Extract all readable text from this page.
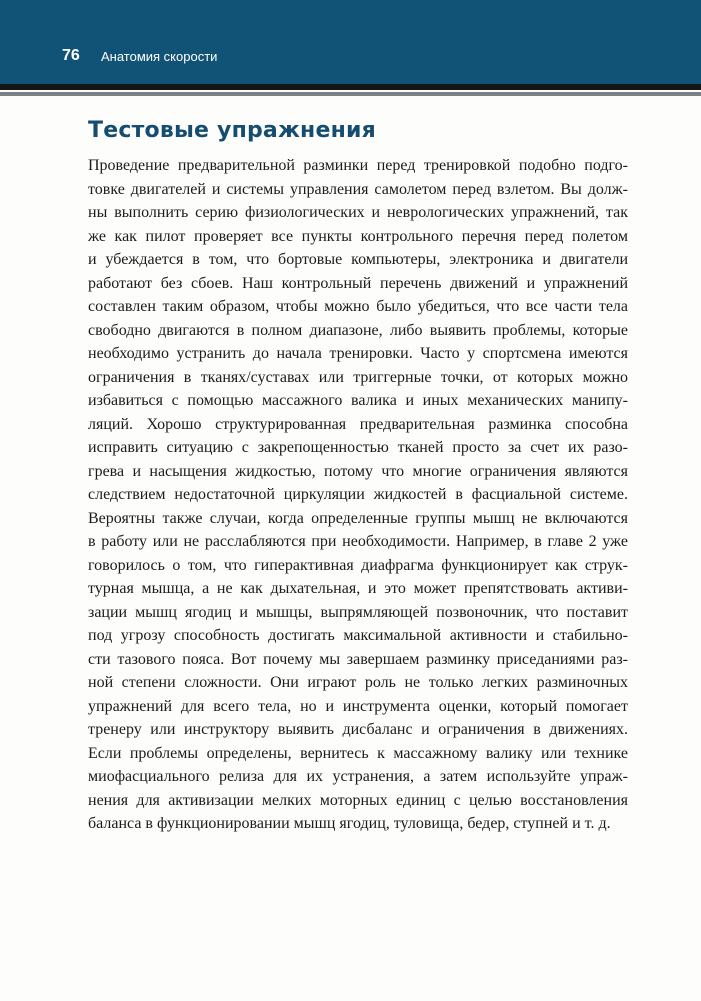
76 Анатомия скорости
Тестовые упражнения
Проведение предварительной разминки перед тренировкой подобно подго-
товке двигателей и системы управления самолетом перед взлетом. Вы долж-
ны выполнить серию физиологических и неврологических упражнений, так
же как пилот проверяет все пункты контрольного перечня перед полетом
и убеждается в том, что бортовые компьютеры, электроника и двигатели
работают без сбоев. Наш контрольный перечень движений и упражнений
составлен таким образом, чтобы можно было убедиться, что все части тела
свободно двигаются в полном диапазоне, либо выявить проблемы, которые
необходимо устранить до начала тренировки. Часто у спортсмена имеются
ограничения в тканях/суставах или триггерные точки, от которых можно
избавиться с помощью массажного валика и иных механических манипу-
ляций. Хорошо структурированная предварительная разминка способна
исправить ситуацию с закрепощенностью тканей просто за счет их разо-
грева и насыщения жидкостью, потому что многие ограничения являются
следствием недостаточной циркуляции жидкостей в фасциальной системе.
Вероятны также случаи, когда определенные группы мышц не включаются
в работу или не расслабляются при необходимости. Например, в главе 2 уже
говорилось о том, что гиперактивная диафрагма функционирует как струк-
турная мышца, а не как дыхательная, и это может препятствовать активи-
зации мышц ягодиц и мышцы, выпрямляющей позвоночник, что поставит
под угрозу способность достигать максимальной активности и стабильно-
сти тазового пояса. Вот почему мы завершаем разминку приседаниями раз-
ной степени сложности. Они играют роль не только легких разминочных
упражнений для всего тела, но и инструмента оценки, который помогает
тренеру или инструктору выявить дисбаланс и ограничения в движениях.
Если проблемы определены, вернитесь к массажному валику или технике
миофасциального релиза для их устранения, а затем используйте упраж-
нения для активизации мелких моторных единиц с целью восстановления
баланса в функционировании мышц ягодиц, туловища, бедер, ступней и т. д.
